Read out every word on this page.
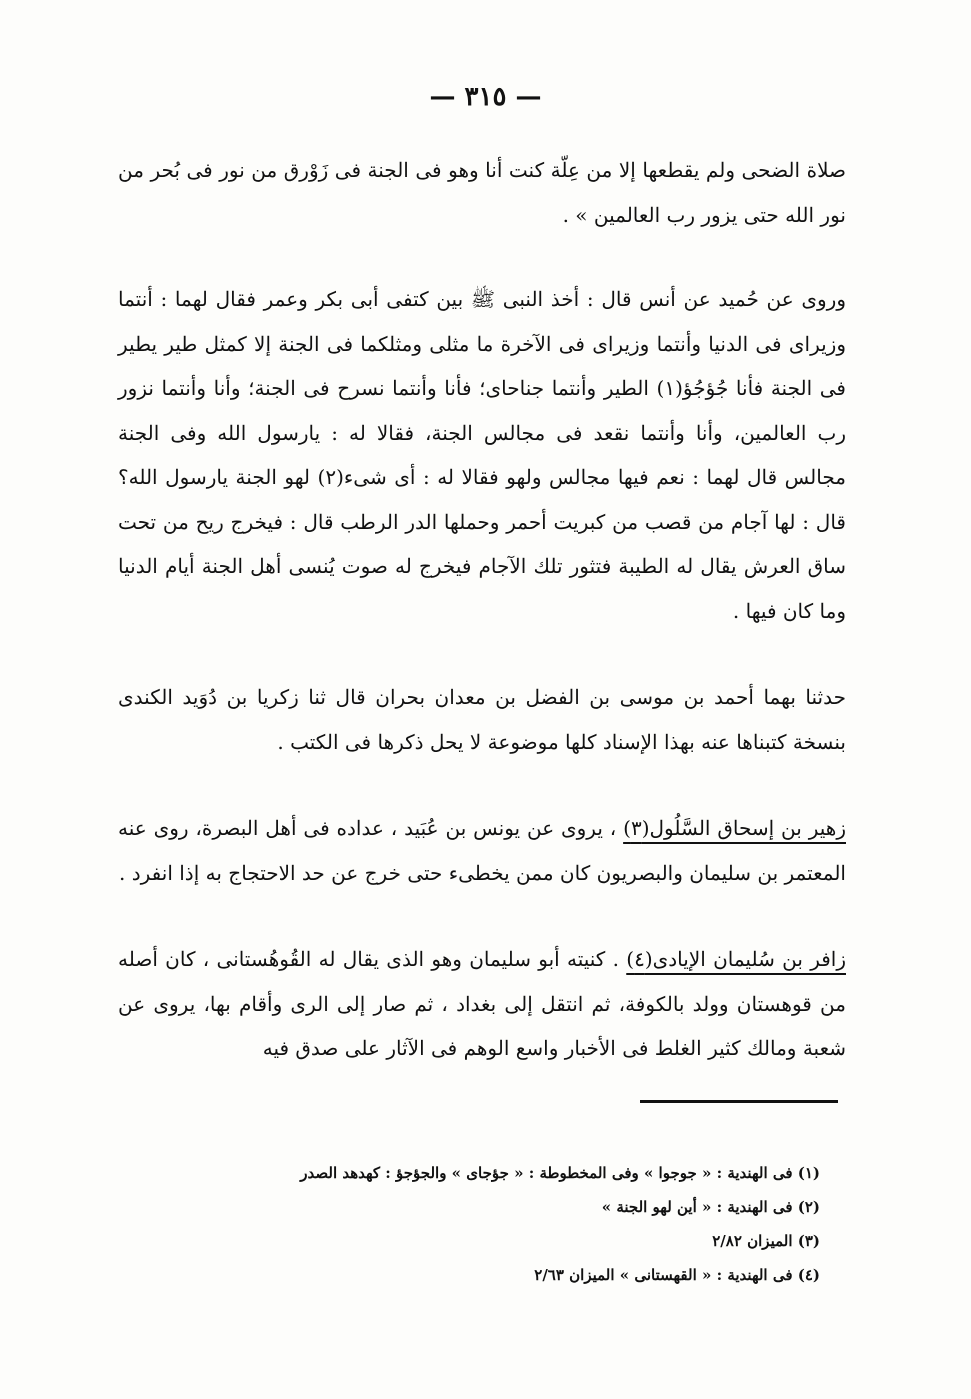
— ٣١٥ —

صلاة الضحى ولم يقطعها إلا من عِلّة كنت أنا وهو فى الجنة فى زَوْرق من نور فى بُحر من نور الله حتى يزور رب العالمين » .

وروى عن حُميد عن أنس قال : أخذ النبى ﷺ بين كتفى أبى بكر وعمر فقال لهما : أنتما وزيراى فى الدنيا وأنتما وزيراى فى الآخرة ما مثلى ومثلكما فى الجنة إلا كمثل طير يطير فى الجنة فأنا جُؤجُؤ(١) الطير وأنتما جناحاى؛ فأنا وأنتما نسرح فى الجنة؛ وأنا وأنتما نزور رب العالمين، وأنا وأنتما نقعد فى مجالس الجنة، فقالا له : يارسول الله وفى الجنة مجالس قال لهما : نعم فيها مجالس ولهو فقالا له : أى شىء(٢) لهو الجنة يارسول الله؟ قال : لها آجام من قصب من كبريت أحمر وحملها الدر الرطب قال : فيخرج ريح من تحت ساق العرش يقال له الطيبة فتثور تلك الآجام فيخرج له صوت يُنسى أهل الجنة أيام الدنيا وما كان فيها .

حدثنا بهما أحمد بن موسى بن الفضل بن معدان بحران قال ثنا زكريا بن دُوَيد الكندى بنسخة كتبناها عنه بهذا الإسناد كلها موضوعة لا يحل ذكرها فى الكتب .

زهير بن إسحاق السَّلُول(٣) ، يروى عن يونس بن عُبَيد ، عداده فى أهل البصرة، روى عنه المعتمر بن سليمان والبصريون كان ممن يخطىء حتى خرج عن حد الاحتجاج به إذا انفرد .

زافر بن سُليمان الإيادى(٤) . كنيته أبو سليمان وهو الذى يقال له القُوهُستانى ، كان أصله من قوهستان وولد بالكوفة، ثم انتقل إلى بغداد ، ثم صار إلى الرى وأقام بها، يروى عن شعبة ومالك كثير الغلط فى الأخبار واسع الوهم فى الآثار على صدق فيه

(١) فى الهندية : « جوجوا » وفى المخطوطة : « جؤجاى » والجؤجؤ : كهدهد الصدر

(٢) فى الهندية : « أين لهو الجنة »

(٣) الميزان ٢/٨٢

(٤) فى الهندية : « القهستانى » الميزان ٢/٦٣
